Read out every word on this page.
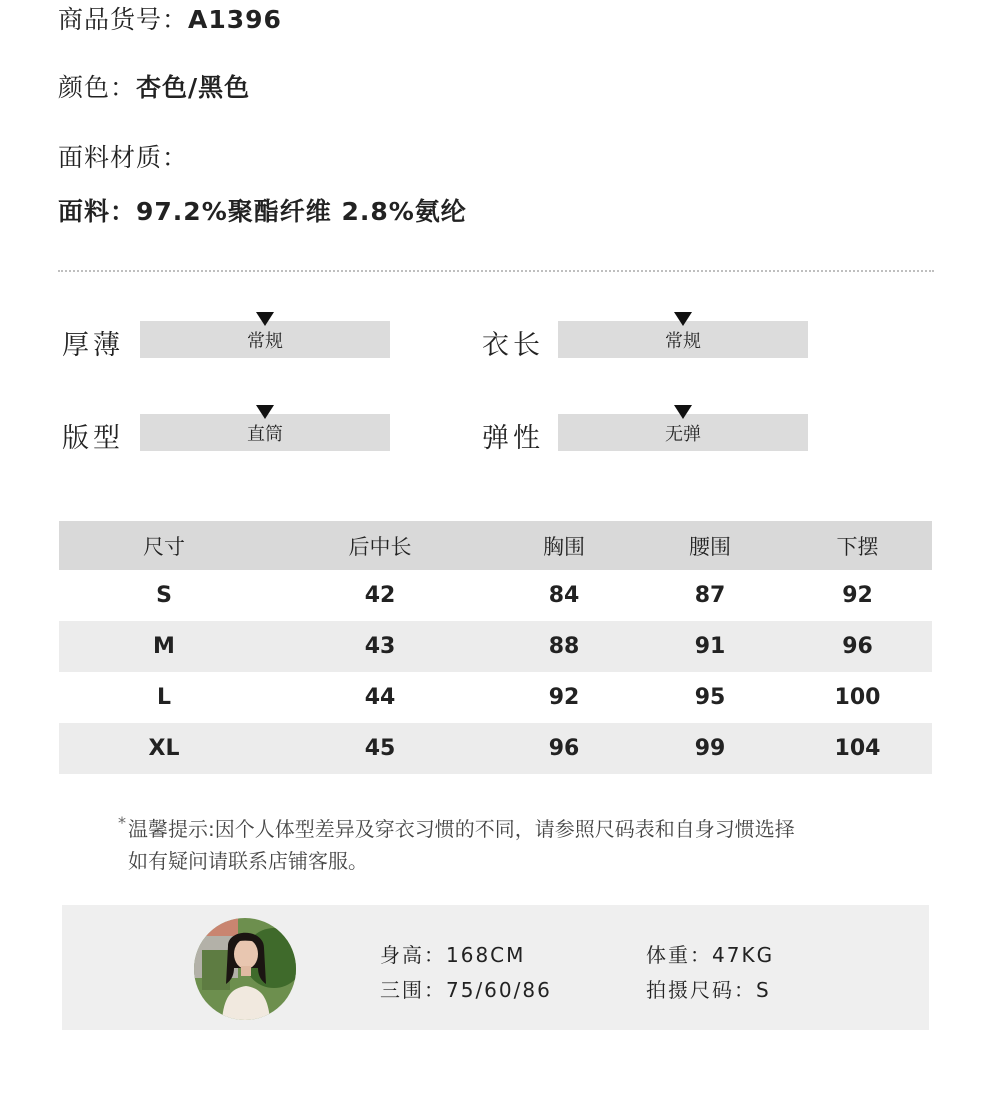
商品货号：A1396
颜色：杏色/黑色
面料材质：
面料：97.2%聚酯纤维 2.8%氨纶
厚薄	常规	衣长	常规
版型	直筒	弹性	无弹
尺寸	后中长	胸围	腰围	下摆
S	42	84	87	92
M	43	88	91	96
L	44	92	95	100
XL	45	96	99	104
* 温馨提示:因个人体型差异及穿衣习惯的不同，请参照尺码表和自身习惯选择
如有疑问请联系店铺客服。
身高：168CM	体重：47KG
三围：75/60/86	拍摄尺码：S
